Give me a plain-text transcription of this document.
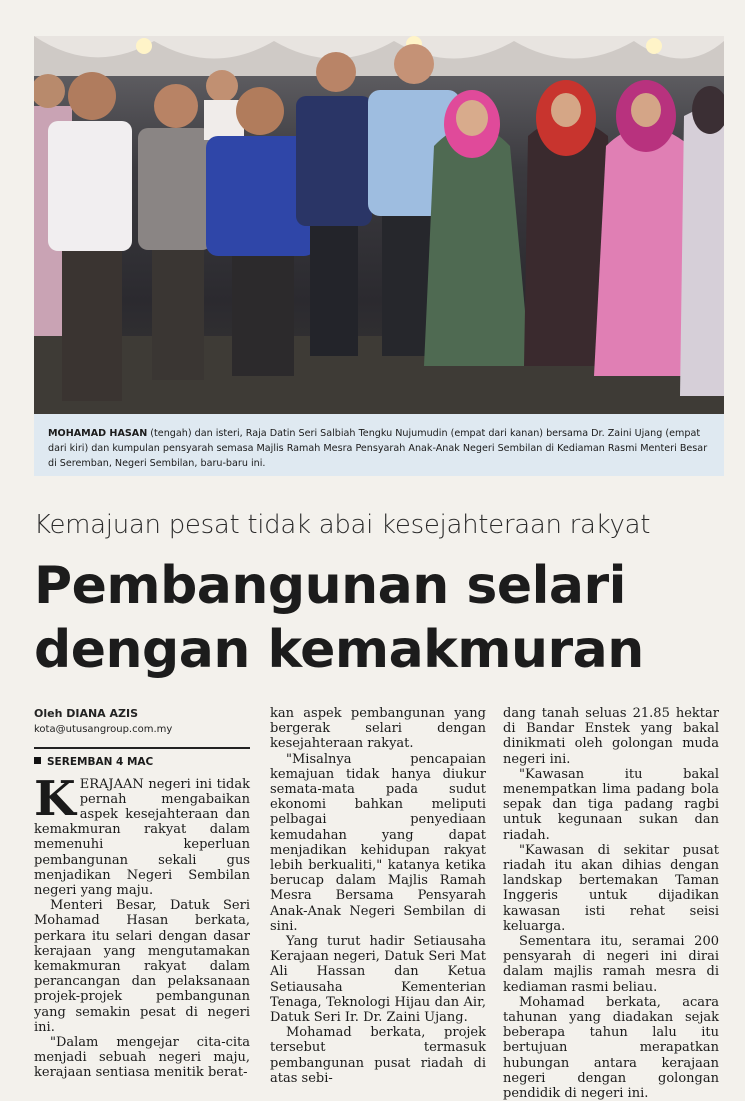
MOHAMAD HASAN (tengah) dan isteri, Raja Datin Seri Salbiah Tengku Nujumudin (empat dari kanan) bersama Dr. Zaini Ujang (empat dari kiri) dan kumpulan pensyarah semasa Majlis Ramah Mesra Pensyarah Anak-Anak Negeri Sembilan di Kediaman Rasmi Menteri Besar di Seremban, Negeri Sembilan, baru-baru ini.
Kemajuan pesat tidak abai kesejahteraan rakyat
Pembangunan selari
dengan kemakmuran
Oleh DIANA AZIS
kota@utusangroup.com.my
SEREMBAN 4 MAC

KERAJAAN negeri ini tidak pernah mengabaikan aspek kesejahteraan dan kemakmuran rakyat dalam memenuhi keperluan pembangunan sekali gus menjadikan Negeri Sembilan negeri yang maju.

Menteri Besar, Datuk Seri Mohamad Hasan berkata, perkara itu selari dengan dasar kerajaan yang mengutamakan kemakmuran rakyat dalam perancangan dan pelaksanaan projek-projek pembangunan yang semakin pesat di negeri ini.

"Dalam mengejar cita-cita menjadi sebuah negeri maju, kerajaan sentiasa menitik berat-

kan aspek pembangunan yang bergerak selari dengan kesejahteraan rakyat.

"Misalnya pencapaian kemajuan tidak hanya diukur semata-mata pada sudut ekonomi bahkan meliputi pelbagai penyediaan kemudahan yang dapat menjadikan kehidupan rakyat lebih berkualiti," katanya ketika berucap dalam Majlis Ramah Mesra Bersama Pensyarah Anak-Anak Negeri Sembilan di sini.

Yang turut hadir Setiausaha Kerajaan negeri, Datuk Seri Mat Ali Hassan dan Ketua Setiausaha Kementerian Tenaga, Teknologi Hijau dan Air, Datuk Seri Ir. Dr. Zaini Ujang.

Mohamad berkata, projek tersebut termasuk pembangunan pusat riadah di atas sebi-

dang tanah seluas 21.85 hektar di Bandar Enstek yang bakal dinikmati oleh golongan muda negeri ini.

"Kawasan itu bakal menempatkan lima padang bola sepak dan tiga padang ragbi untuk kegunaan sukan dan riadah.

"Kawasan di sekitar pusat riadah itu akan dihias dengan landskap bertemakan Taman Inggeris untuk dijadikan kawasan isti rehat seisi keluarga.

Sementara itu, seramai 200 pensyarah di negeri ini dirai dalam majlis ramah mesra di kediaman rasmi beliau.

Mohamad berkata, acara tahunan yang diadakan sejak beberapa tahun lalu itu bertujuan merapatkan hubungan antara kerajaan negeri dengan golongan pendidik di negeri ini.
